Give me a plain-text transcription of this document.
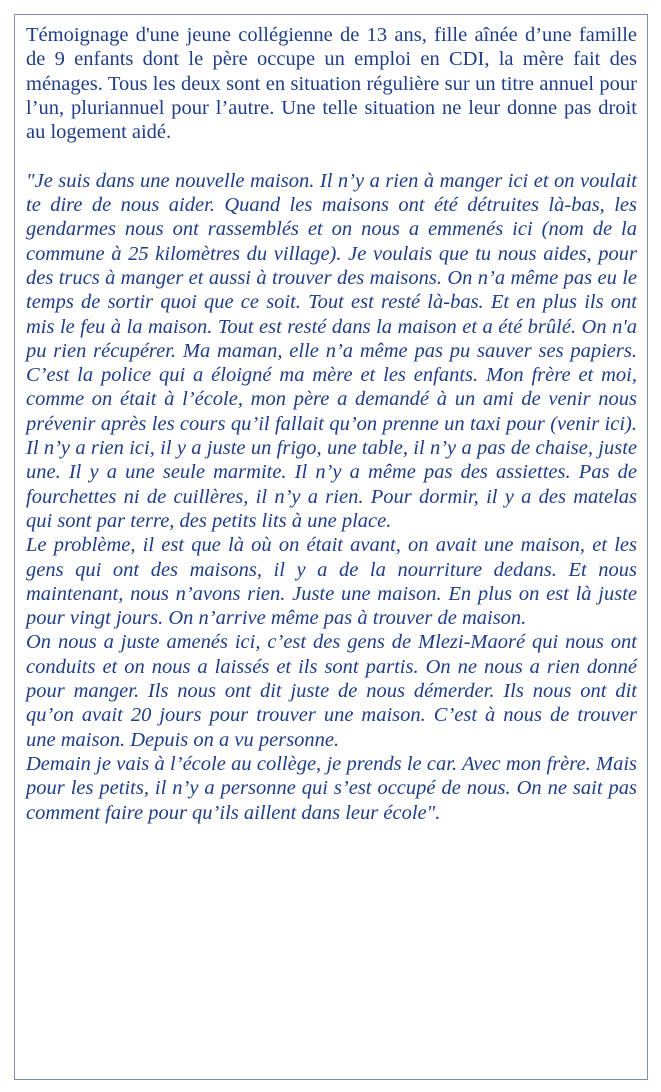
Témoignage d'une jeune collégienne de 13 ans, fille aînée d’une famille de 9 enfants dont le père occupe un emploi en CDI, la mère fait des ménages. Tous les deux sont en situation régulière sur un titre annuel pour l’un, pluriannuel pour l’autre. Une telle situation ne leur donne pas droit au logement aidé.

"Je suis dans une nouvelle maison. Il n’y a rien à manger ici et on voulait te dire de nous aider. Quand les maisons ont été détruites là-bas, les gendarmes nous ont rassemblés et on nous a emmenés ici (nom de la commune à 25 kilomètres du village). Je voulais que tu nous aides, pour des trucs à manger et aussi à trouver des maisons. On n’a même pas eu le temps de sortir quoi que ce soit. Tout est resté là-bas. Et en plus ils ont mis le feu à la maison. Tout est resté dans la maison et a été brûlé. On n'a pu rien récupérer. Ma maman, elle n’a même pas pu sauver ses papiers. C’est la police qui a éloigné ma mère et les enfants. Mon frère et moi, comme on était à l’école, mon père a demandé à un ami de venir nous prévenir après les cours qu’il fallait qu’on prenne un taxi pour (venir ici). Il n’y a rien ici, il y a juste un frigo, une table, il n’y a pas de chaise, juste une. Il y a une seule marmite. Il n’y a même pas des assiettes. Pas de fourchettes ni de cuillères, il n’y a rien. Pour dormir, il y a des matelas qui sont par terre, des petits lits à une place.

Le problème, il est que là où on était avant, on avait une maison, et les gens qui ont des maisons, il y a de la nourriture dedans. Et nous maintenant, nous n’avons rien. Juste une maison. En plus on est là juste pour vingt jours. On n’arrive même pas à trouver de maison.

On nous a juste amenés ici, c’est des gens de Mlezi-Maoré qui nous ont conduits et on nous a laissés et ils sont partis. On ne nous a rien donné pour manger. Ils nous ont dit juste de nous démerder. Ils nous ont dit qu’on avait 20 jours pour trouver une maison. C’est à nous de trouver une maison. Depuis on a vu personne.

Demain je vais à l’école au collège, je prends le car. Avec mon frère. Mais pour les petits, il n’y a personne qui s’est occupé de nous. On ne sait pas comment faire pour qu’ils aillent dans leur école".
